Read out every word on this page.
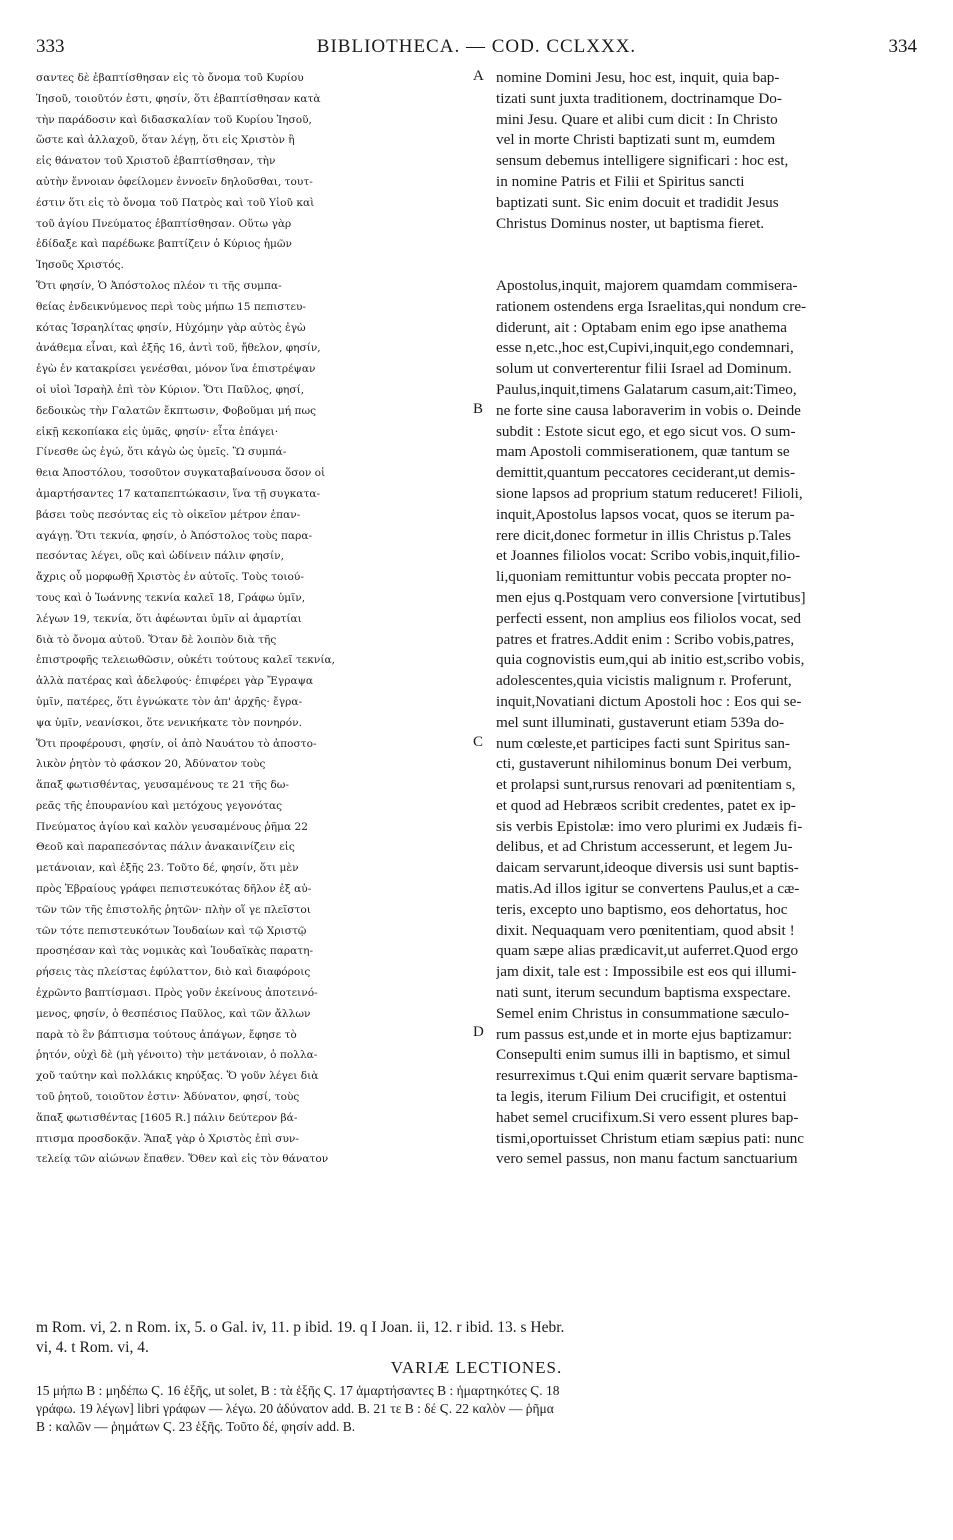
333	BIBLIOTHECA. — COD. CCLXXX.	334
σαντες δὲ ἐβαπτίσθησαν εἰς τὸ ὄνομα τοῦ Κυρίου
Ἰησοῦ, τοιοῦτόν ἐστι, φησίν, ὅτι ἐβαπτίσθησαν κατὰ
τὴν παράδοσιν καὶ διδασκαλίαν τοῦ Κυρίου Ἰησοῦ,
ὥστε καὶ ἀλλαχοῦ, ὅταν λέγῃ, ὅτι εἰς Χριστὸν ἢ
εἰς θάνατον τοῦ Χριστοῦ ἐβαπτίσθησαν, τὴν
αὐτὴν ἔννοιαν ὀφείλομεν ἐννοεῖν δηλοῦσθαι, τουτ-
έστιν ὅτι εἰς τὸ ὄνομα τοῦ Πατρὸς καὶ τοῦ Υἱοῦ καὶ
τοῦ ἁγίου Πνεύματος ἐβαπτίσθησαν. Οὕτω γὰρ
ἐδίδαξε καὶ παρέδωκε βαπτίζειν ὁ Κύριος ἡμῶν
Ἰησοῦς Χριστός.
Ὅτι φησίν, Ὁ Ἀπόστολος πλέον τι τῆς συμπα-
θείας ἐνδεικνύμενος περὶ τοὺς μήπω 15 πεπιστευ-
κότας Ἰσραηλίτας φησίν, Ηὐχόμην γὰρ αὐτὸς ἐγὼ
ἀνάθεμα εἶναι, καὶ ἑξῆς 16, ἀντὶ τοῦ, ἤθελον, φησίν,
ἐγὼ ἐν κατακρίσει γενέσθαι, μόνον ἵνα ἐπιστρέψαν
οἱ υἱοὶ Ἰσραὴλ ἐπὶ τὸν Κύριον. Ὅτι Παῦλος, φησί,
δεδοικὼς τὴν Γαλατῶν ἔκπτωσιν, Φοβοῦμαι μή πως
εἰκῇ κεκοπίακα εἰς ὑμᾶς, φησίν· εἶτα ἐπάγει·
Γίνεσθε ὡς ἐγώ, ὅτι κἀγὼ ὡς ὑμεῖς. Ὢ συμπά-
θεια Ἀποστόλου, τοσοῦτον συγκαταβαίνουσα ὅσον οἱ
ἁμαρτήσαντες 17 καταπεπτώκασιν, ἵνα τῇ συγκατα-
βάσει τοὺς πεσόντας εἰς τὸ οἰκεῖον μέτρον ἐπαν-
αγάγῃ. Ὅτι τεκνία, φησίν, ὁ Ἀπόστολος τοὺς παρα-
πεσόντας λέγει, οὓς καὶ ὠδίνειν πάλιν φησίν,
ἄχρις οὗ μορφωθῇ Χριστὸς ἐν αὐτοῖς. Τοὺς τοιού-
τους καὶ ὁ Ἰωάννης τεκνία καλεῖ 18, Γράφω ὑμῖν,
λέγων 19, τεκνία, ὅτι ἀφέωνται ὑμῖν αἱ ἁμαρτίαι
διὰ τὸ ὄνομα αὐτοῦ. Ὅταν δὲ λοιπὸν διὰ τῆς
ἐπιστροφῆς τελειωθῶσιν, οὐκέτι τούτους καλεῖ τεκνία,
ἀλλὰ πατέρας καὶ ἀδελφούς· ἐπιφέρει γὰρ Ἔγραψα
ὑμῖν, πατέρες, ὅτι ἐγνώκατε τὸν ἀπ' ἀρχῆς· ἔγρα-
ψα ὑμῖν, νεανίσκοι, ὅτε νενικήκατε τὸν πονηρόν.
Ὅτι προφέρουσι, φησίν, οἱ ἀπὸ Ναυάτου τὸ ἀποστο-
λικὸν ῥητὸν τὸ φάσκον 20, Ἀδύνατον τοὺς
ἅπαξ φωτισθέντας, γευσαμένους τε 21 τῆς δω-
ρεᾶς τῆς ἐπουρανίου καὶ μετόχους γεγονότας
Πνεύματος ἁγίου καὶ καλὸν γευσαμένους ῥῆμα 22
Θεοῦ καὶ παραπεσόντας πάλιν ἀνακαινίζειν εἰς
μετάνοιαν, καὶ ἑξῆς 23. Τοῦτο δέ, φησίν, ὅτι μὲν
πρὸς Ἑβραίους γράφει πεπιστευκότας δῆλον ἐξ αὐ-
τῶν τῶν τῆς ἐπιστολῆς ῥητῶν· πλὴν οἵ γε πλεῖστοι
τῶν τότε πεπιστευκότων Ἰουδαίων καὶ τῷ Χριστῷ
προσηέσαν καὶ τὰς νομικὰς καὶ Ἰουδαϊκὰς παρατη-
ρήσεις τὰς πλείστας ἐφύλαττον, διὸ καὶ διαφόροις
ἐχρῶντο βαπτίσμασι. Πρὸς γοῦν ἐκείνους ἀποτεινό-
μενος, φησίν, ὁ θεσπέσιος Παῦλος, καὶ τῶν ἄλλων
παρὰ τὸ ἓν βάπτισμα τούτους ἀπάγων, ἔφησε τὸ
ῥητόν, οὐχὶ δὲ (μὴ γένοιτο) τὴν μετάνοιαν, ὁ πολλα-
χοῦ ταύτην καὶ πολλάκις κηρύξας. Ὅ γοῦν λέγει διὰ
τοῦ ῥητοῦ, τοιοῦτον ἐστιν· Ἀδύνατον, φησί, τοὺς
ἅπαξ φωτισθέντας [1605 R.] πάλιν δεύτερον βά-
πτισμα προσδοκᾷν. Ἅπαξ γὰρ ὁ Χριστὸς ἐπὶ συν-
τελείᾳ τῶν αἰώνων ἔπαθεν. Ὅθεν καὶ εἰς τὸν θάνατον
nomine Domini Jesu, hoc est, inquit, quia bap-
tizati sunt juxta traditionem, doctrinamque Do-
mini Jesu. Quare et alibi cum dicit : In Christo
vel in morte Christi baptizati sunt m, eumdem
sensum debemus intelligere significari : hoc est,
in nomine Patris et Filii et Spiritus sancti
baptizati sunt. Sic enim docuit et tradidit Jesus
Christus Dominus noster, ut baptisma fieret.
Apostolus,inquit, majorem quamdam commisera-
rationem ostendens erga Israelitas,qui nondum cre-
diderunt, ait : Optabam enim ego ipse anathema
esse n,etc.,hoc est,Cupivi,inquit,ego condemnari,
solum ut converterentur filii Israel ad Dominum.
Paulus,inquit,timens Galatarum casum,ait:Timeo,
ne forte sine causa laboraverim in vobis o. Deinde
subdit : Estote sicut ego, et ego sicut vos. O sum-
mam Apostoli commiserationem, quæ tantum se
demittit,quantum peccatores ceciderant,ut demis-
sione lapsos ad proprium statum reduceret! Filioli,
inquit,Apostolus lapsos vocat, quos se iterum pa-
rere dicit,donec formetur in illis Christus p.Tales
et Joannes filiolos vocat: Scribo vobis,inquit,filio-
li,quoniam remittuntur vobis peccata propter no-
men ejus q.Postquam vero conversione [virtutibus]
perfecti essent, non amplius eos filiolos vocat, sed
patres et fratres.Addit enim : Scribo vobis,patres,
quia cognovistis eum,qui ab initio est,scribo vobis,
adolescentes,quia vicistis malignum r. Proferunt,
inquit,Novatiani dictum Apostoli hoc : Eos qui se-
mel sunt illuminati, gustaverunt etiam 539a do-
num cœleste,et participes facti sunt Spiritus san-
cti, gustaverunt nihilominus bonum Dei verbum,
et prolapsi sunt,rursus renovari ad pœnitentiam s,
et quod ad Hebræos scribit credentes, patet ex ip-
sis verbis Epistolæ: imo vero plurimi ex Judæis fi-
delibus, et ad Christum accesserunt, et legem Ju-
daicam servarunt,ideoque diversis usi sunt baptis-
matis.Ad illos igitur se convertens Paulus,et a cæ-
teris, excepto uno baptismo, eos dehortatus, hoc
dixit. Nequaquam vero pœnitentiam, quod absit !
quam sæpe alias prædicavit,ut auferret.Quod ergo
jam dixit, tale est : Impossibile est eos qui illumi-
nati sunt, iterum secundum baptisma exspectare.
Semel enim Christus in consummatione sæculo-
rum passus est,unde et in morte ejus baptizamur:
Consepulti enim sumus illi in baptismo, et simul
resurreximus t.Qui enim quærit servare baptisma-
ta legis, iterum Filium Dei crucifigit, et ostentui
habet semel crucifixum.Si vero essent plures bap-
tismi,oportuisset Christum etiam sæpius pati: nunc
vero semel passus, non manu factum sanctuarium
A
B
C
D
m Rom. vi, 2. n Rom. ix, 5. o Gal. iv, 11. p ibid. 19. q I Joan. ii, 12. r ibid. 13. s Hebr.
vi, 4. t Rom. vi, 4.
VARIÆ LECTIONES.
15 μήπω B : μηδέπω Ϛ. 16 ἑξῆς, ut solet, B : τὰ ἑξῆς Ϛ. 17 ἁμαρτήσαντες B : ἡμαρτηκότες Ϛ. 18
γράφω. 19 λέγων] libri γράφων — λέγω. 20 ἀδύνατον add. B. 21 τε B : δέ Ϛ. 22 καλὸν — ῥῆμα
B : καλῶν — ῥημάτων Ϛ. 23 ἑξῆς. Τοῦτο δέ, φησίν add. B.
